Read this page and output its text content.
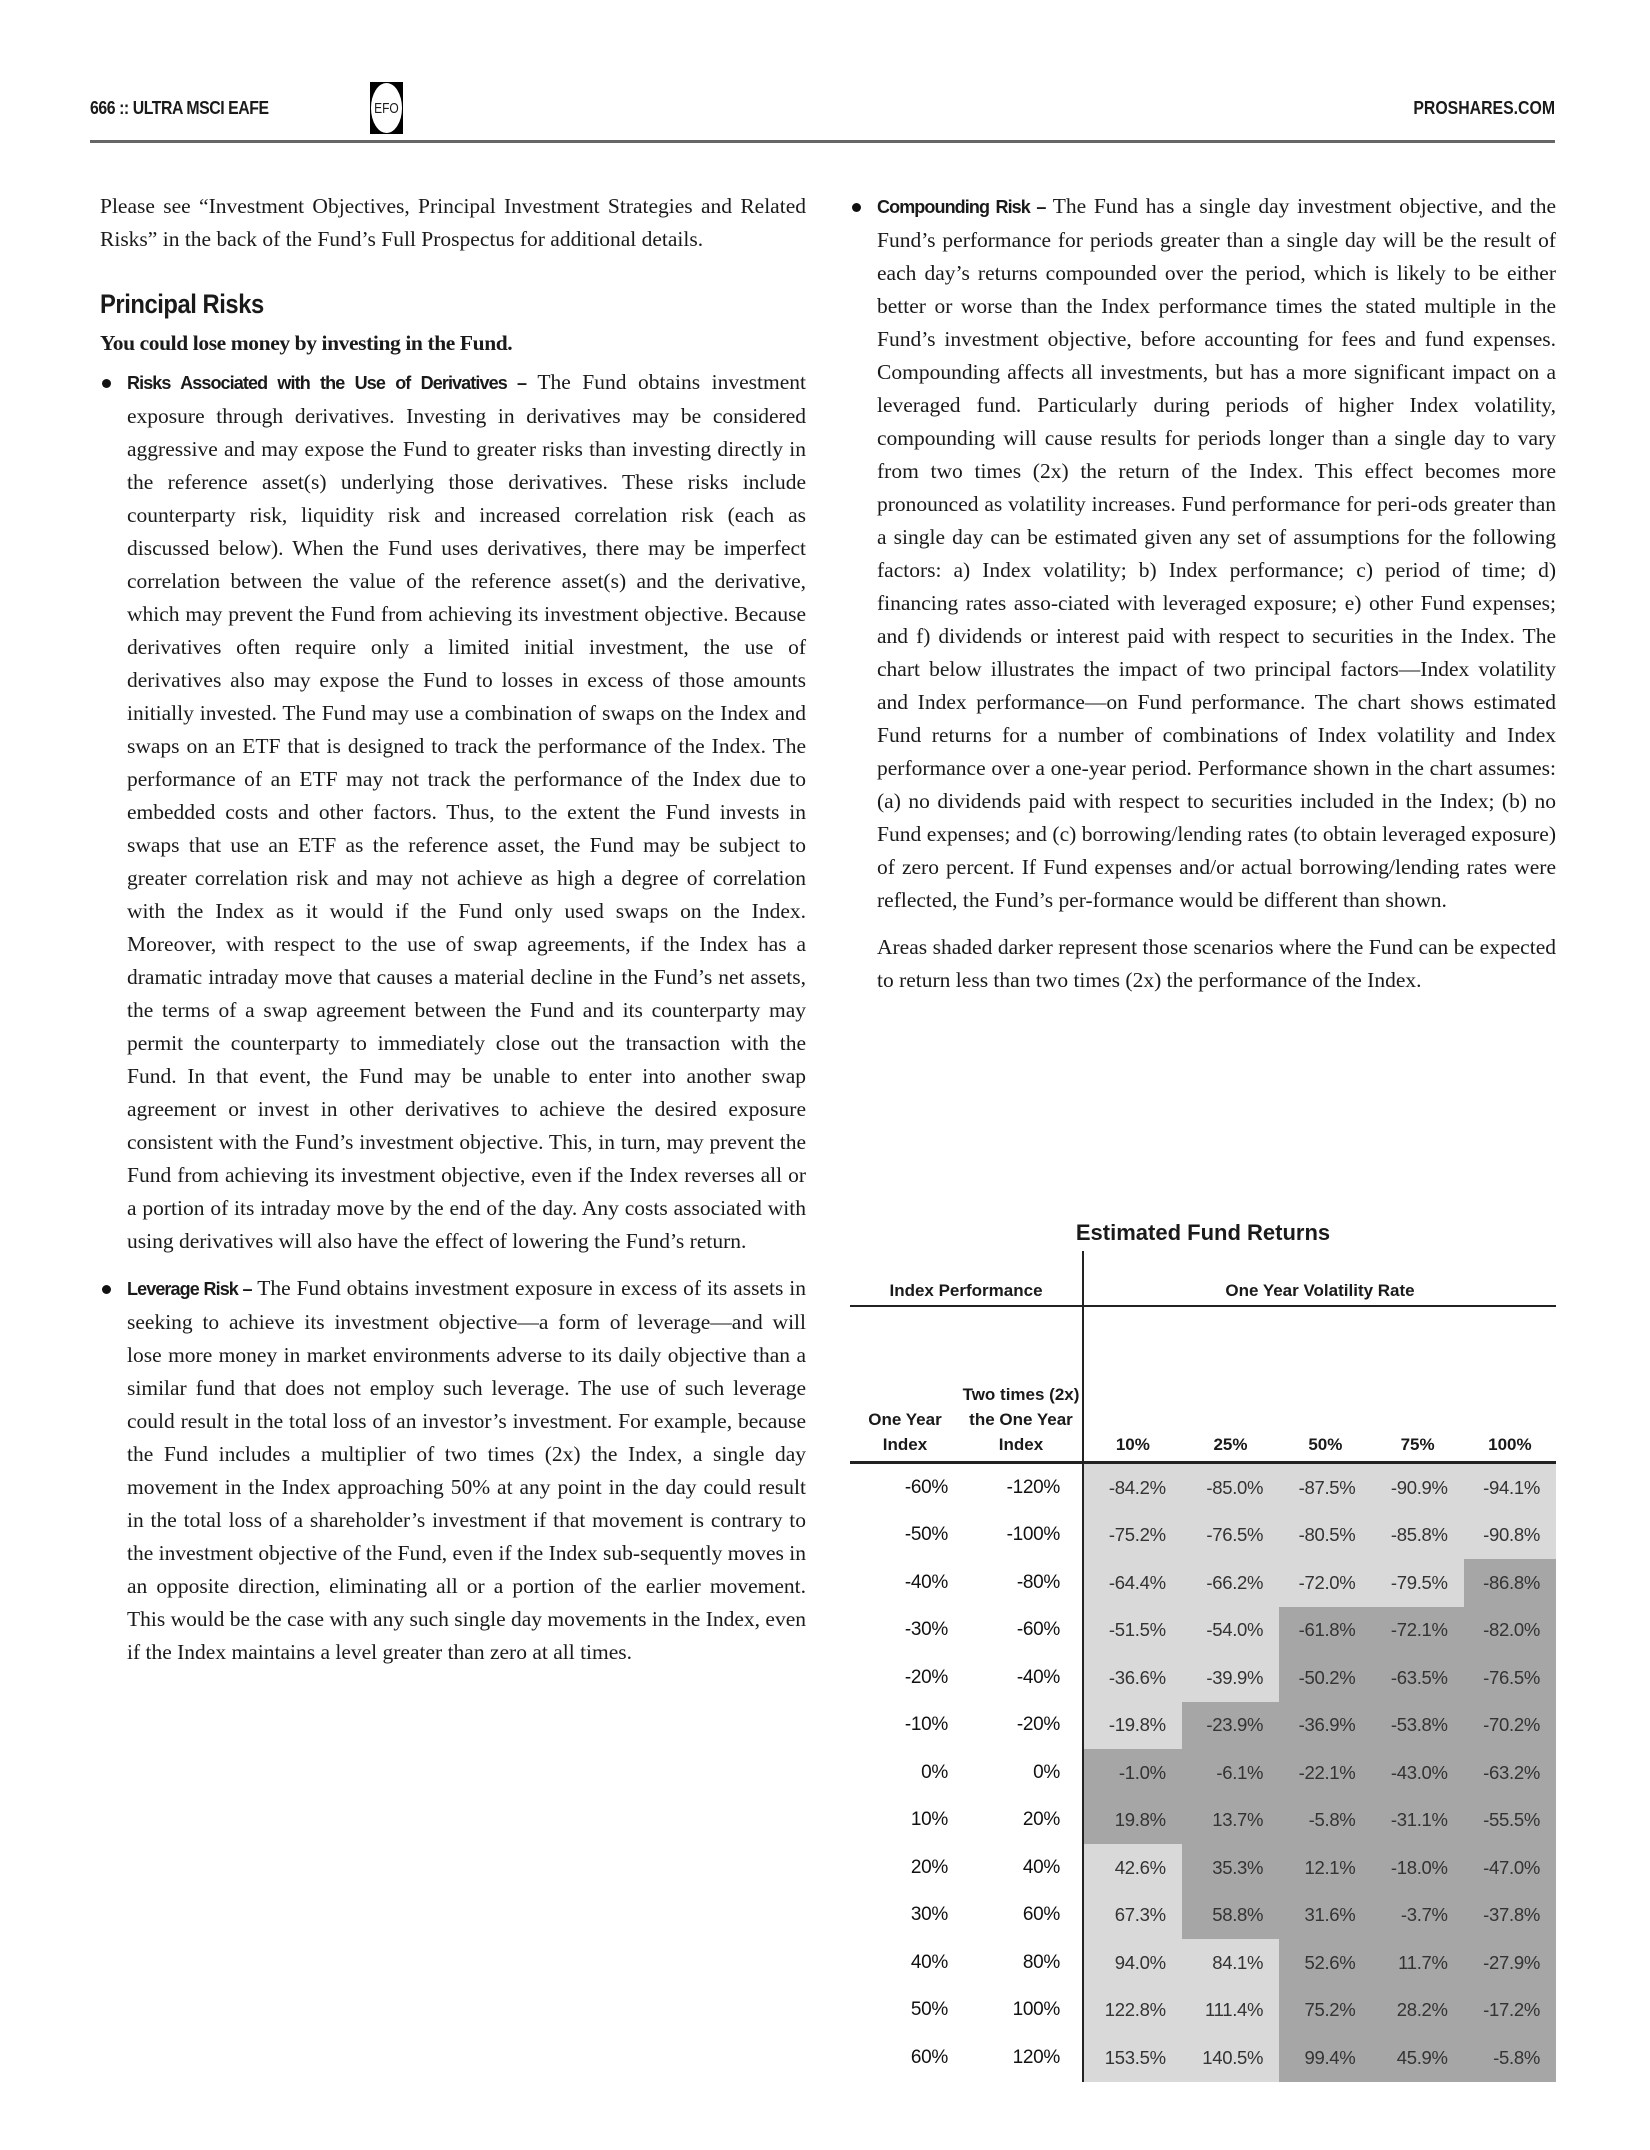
666 :: ULTRA MSCI EAFE	EFO	PROSHARES.COM

Please see “Investment Objectives, Principal Investment Strategies and Related Risks” in the back of the Fund’s Full Prospectus for additional details.

Principal Risks

You could lose money by investing in the Fund.

Risks Associated with the Use of Derivatives – The Fund obtains investment exposure through derivatives. Investing in derivatives may be considered aggressive and may expose the Fund to greater risks than investing directly in the reference asset(s) underlying those derivatives. These risks include counterparty risk, liquidity risk and increased correlation risk (each as discussed below). When the Fund uses derivatives, there may be imperfect correlation between the value of the reference asset(s) and the derivative, which may prevent the Fund from achieving its investment objective. Because derivatives often require only a limited initial investment, the use of derivatives also may expose the Fund to losses in excess of those amounts initially invested. The Fund may use a combination of swaps on the Index and swaps on an ETF that is designed to track the performance of the Index. The performance of an ETF may not track the performance of the Index due to embedded costs and other factors. Thus, to the extent the Fund invests in swaps that use an ETF as the reference asset, the Fund may be subject to greater correlation risk and may not achieve as high a degree of correlation with the Index as it would if the Fund only used swaps on the Index. Moreover, with respect to the use of swap agreements, if the Index has a dramatic intraday move that causes a material decline in the Fund’s net assets, the terms of a swap agreement between the Fund and its counterparty may permit the counterparty to immediately close out the transaction with the Fund. In that event, the Fund may be unable to enter into another swap agreement or invest in other derivatives to achieve the desired exposure consistent with the Fund’s investment objective. This, in turn, may prevent the Fund from achieving its investment objective, even if the Index reverses all or a portion of its intraday move by the end of the day. Any costs associated with using derivatives will also have the effect of lowering the Fund’s return.
Leverage Risk – The Fund obtains investment exposure in excess of its assets in seeking to achieve its investment objective—a form of leverage—and will lose more money in market environments adverse to its daily objective than a similar fund that does not employ such leverage. The use of such leverage could result in the total loss of an investor’s investment. For example, because the Fund includes a multiplier of two times (2x) the Index, a single day movement in the Index approaching 50% at any point in the day could result in the total loss of a shareholder’s investment if that movement is contrary to the investment objective of the Fund, even if the Index sub-sequently moves in an opposite direction, eliminating all or a portion of the earlier movement. This would be the case with any such single day movements in the Index, even if the Index maintains a level greater than zero at all times.
Compounding Risk – The Fund has a single day investment objective, and the Fund’s performance for periods greater than a single day will be the result of each day’s returns compounded over the period, which is likely to be either better or worse than the Index performance times the stated multiple in the Fund’s investment objective, before accounting for fees and fund expenses. Compounding affects all investments, but has a more significant impact on a leveraged fund. Particularly during periods of higher Index volatility, compounding will cause results for periods longer than a single day to vary from two times (2x) the return of the Index. This effect becomes more pronounced as volatility increases. Fund performance for peri-ods greater than a single day can be estimated given any set of assumptions for the following factors: a) Index volatility; b) Index performance; c) period of time; d) financing rates asso-ciated with leveraged exposure; e) other Fund expenses; and f) dividends or interest paid with respect to securities in the Index. The chart below illustrates the impact of two principal factors—Index volatility and Index performance—on Fund performance. The chart shows estimated Fund returns for a number of combinations of Index volatility and Index performance over a one-year period. Performance shown in the chart assumes: (a) no dividends paid with respect to securities included in the Index; (b) no Fund expenses; and (c) borrowing/lending rates (to obtain leveraged exposure) of zero percent. If Fund expenses and/or actual borrowing/lending rates were reflected, the Fund’s per-formance would be different than shown.

Areas shaded darker represent those scenarios where the Fund can be expected to return less than two times (2x) the performance of the Index.

Estimated Fund Returns
Index Performance		One Year Volatility Rate				
One Year Index	Two times (2x) the One Year Index	10%	25%	50%	75%	100%
-60%	-120%	-84.2%	-85.0%	-87.5%	-90.9%	-94.1%
-50%	-100%	-75.2%	-76.5%	-80.5%	-85.8%	-90.8%
-40%	-80%	-64.4%	-66.2%	-72.0%	-79.5%	-86.8%
-30%	-60%	-51.5%	-54.0%	-61.8%	-72.1%	-82.0%
-20%	-40%	-36.6%	-39.9%	-50.2%	-63.5%	-76.5%
-10%	-20%	-19.8%	-23.9%	-36.9%	-53.8%	-70.2%
0%	0%	-1.0%	-6.1%	-22.1%	-43.0%	-63.2%
10%	20%	19.8%	13.7%	-5.8%	-31.1%	-55.5%
20%	40%	42.6%	35.3%	12.1%	-18.0%	-47.0%
30%	60%	67.3%	58.8%	31.6%	-3.7%	-37.8%
40%	80%	94.0%	84.1%	52.6%	11.7%	-27.9%
50%	100%	122.8%	111.4%	75.2%	28.2%	-17.2%
60%	120%	153.5%	140.5%	99.4%	45.9%	-5.8%
